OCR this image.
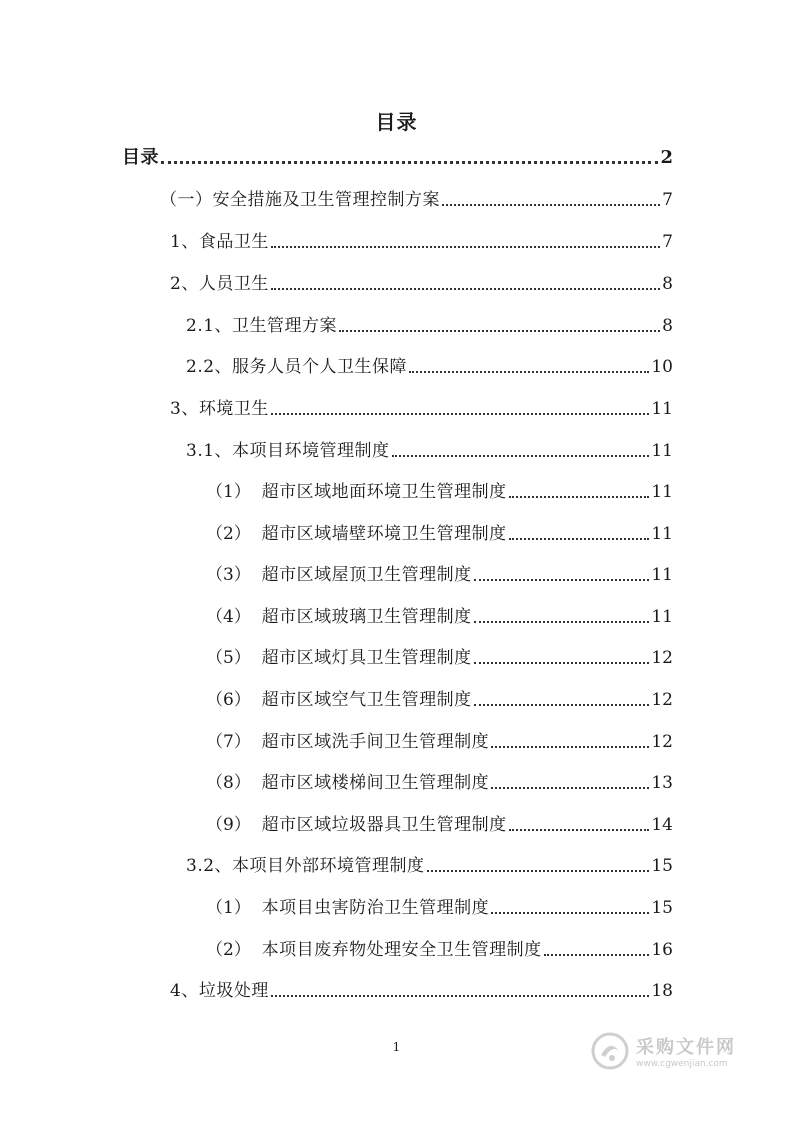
目录
目录	2
（一）安全措施及卫生管理控制方案	7
1、食品卫生	7
2、人员卫生	8
2.1、卫生管理方案	8
2.2、服务人员个人卫生保障	10
3、环境卫生	11
3.1、本项目环境管理制度	11
（1） 超市区域地面环境卫生管理制度	11
（2） 超市区域墙壁环境卫生管理制度	11
（3） 超市区域屋顶卫生管理制度	11
（4） 超市区域玻璃卫生管理制度	11
（5） 超市区域灯具卫生管理制度	12
（6） 超市区域空气卫生管理制度	12
（7） 超市区域洗手间卫生管理制度	12
（8） 超市区域楼梯间卫生管理制度	13
（9） 超市区域垃圾器具卫生管理制度	14
3.2、本项目外部环境管理制度	15
（1） 本项目虫害防治卫生管理制度	15
（2） 本项目废弃物处理安全卫生管理制度	16
4、垃圾处理	18
1	采购文件网
www.cgwenjian.com
